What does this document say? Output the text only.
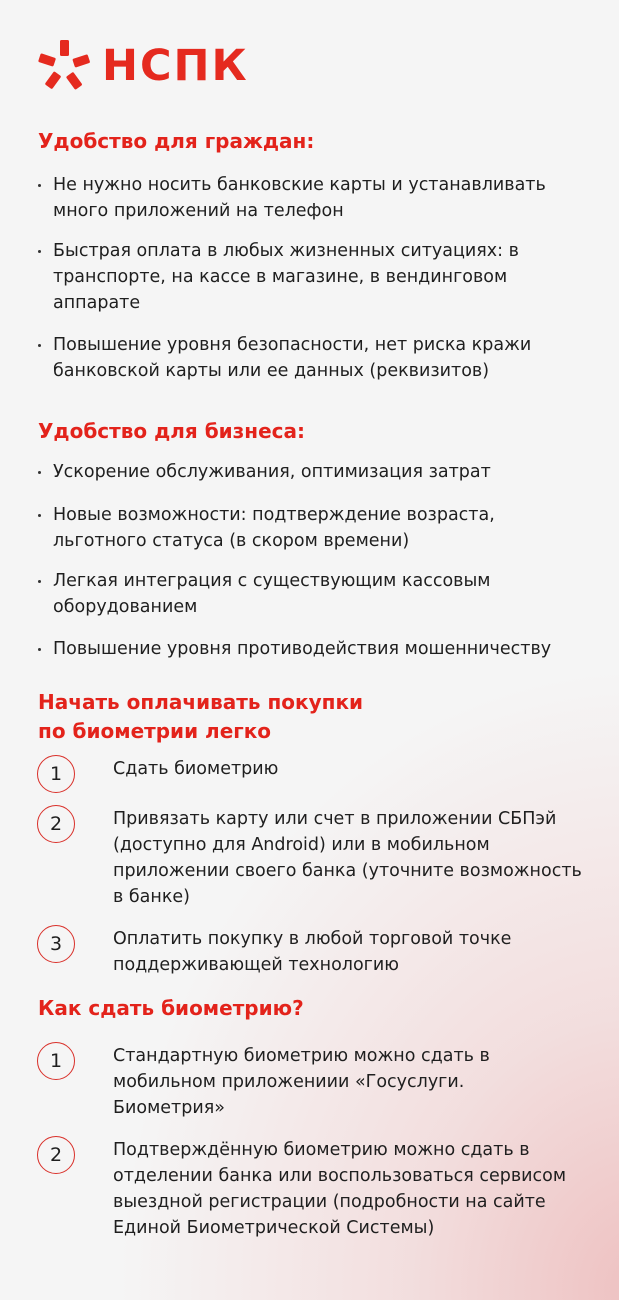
НСПК
Удобство для граждан:
Не нужно носить банковские карты и устанавливать много приложений на телефон
Быстрая оплата в любых жизненных ситуациях: в транспорте, на кассе в магазине, в вендинговом аппарате
Повышение уровня безопасности, нет риска кражи банковской карты или ее данных (реквизитов)
Удобство для бизнеса:
Ускорение обслуживания, оптимизация затрат
Новые возможности: подтверждение возраста, льготного статуса (в скором времени)
Легкая интеграция с существующим кассовым оборудованием
Повышение уровня противодействия мошенничеству
Начать оплачивать покупки
по биометрии легко
1	Сдать биометрию
2	Привязать карту или счет в приложении СБПэй (доступно для Android) или в мобильном приложении своего банка (уточните возможность в банке)
3	Оплатить покупку в любой торговой точке поддерживающей технологию
Как сдать биометрию?
1	Стандартную биометрию можно сдать в мобильном приложениии «Госуслуги. Биометрия»
2	Подтверждённую биометрию можно сдать в отделении банка или воспользоваться сервисом выездной регистрации (подробности на сайте Единой Биометрической Системы)
